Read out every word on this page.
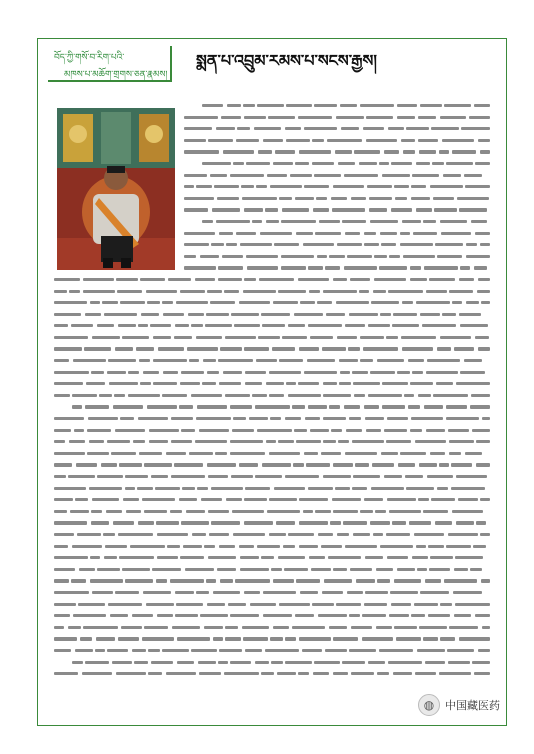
བོད་ཀྱི་གསོ་བ་རིག་པའི་
མཁས་པ་མཆོག་གྲགས་ཅན་རྣམས།
སྨན་པ་འབྲུམ་རམས་པ་སངས་རྒྱས།
◍ 中国藏医药
